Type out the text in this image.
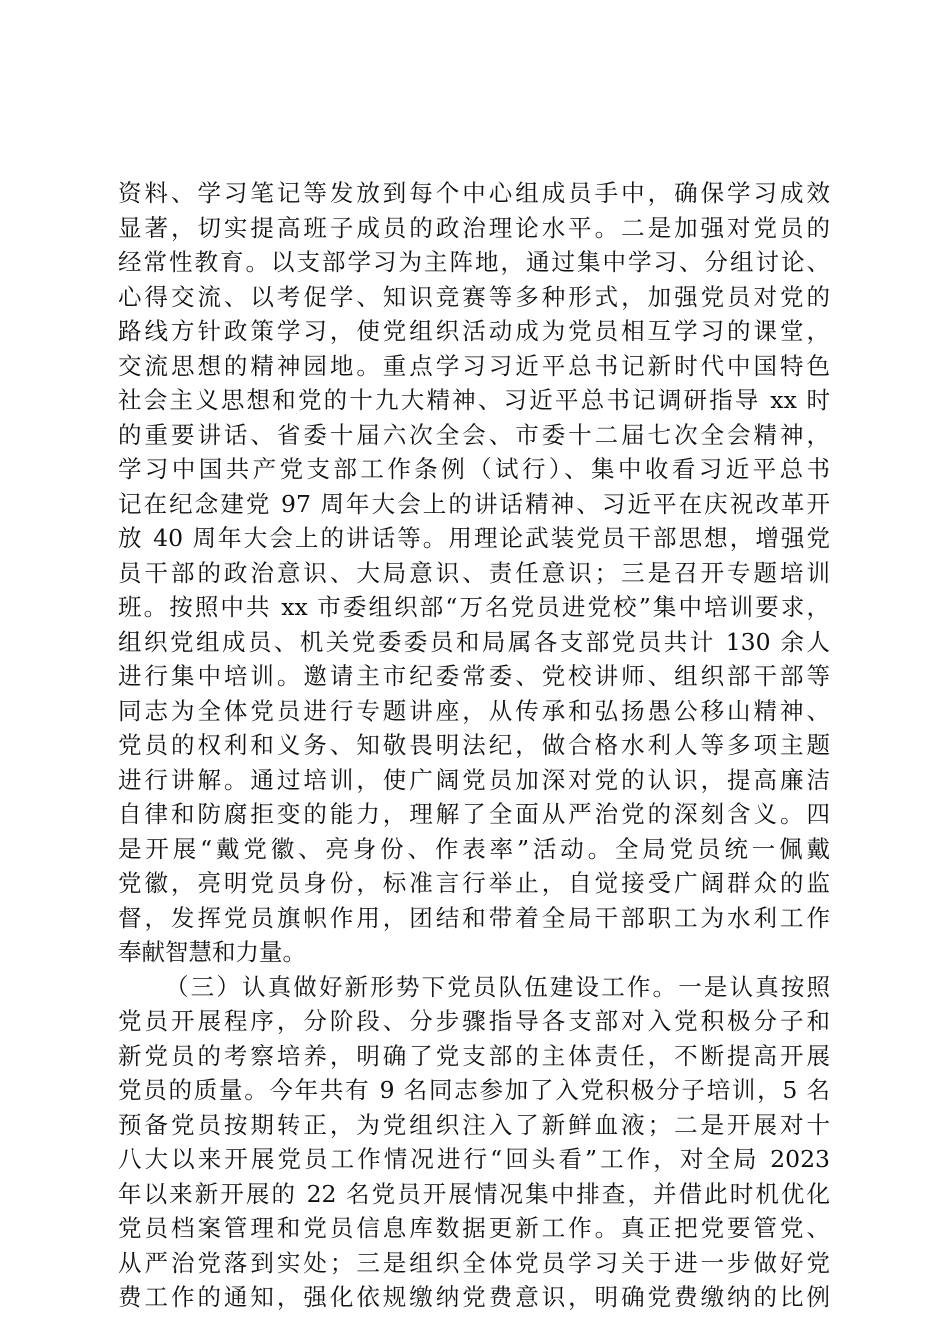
资料、学习笔记等发放到每个中心组成员手中，确保学习成效
显著，切实提高班子成员的政治理论水平。二是加强对党员的
经常性教育。以支部学习为主阵地，通过集中学习、分组讨论、
心得交流、以考促学、知识竞赛等多种形式，加强党员对党的
路线方针政策学习，使党组织活动成为党员相互学习的课堂，
交流思想的精神园地。重点学习习近平总书记新时代中国特色
社会主义思想和党的十九大精神、习近平总书记调研指导 xx 时
的重要讲话、省委十届六次全会、市委十二届七次全会精神，
学习中国共产党支部工作条例（试行）、集中收看习近平总书
记在纪念建党 97 周年大会上的讲话精神、习近平在庆祝改革开
放 40 周年大会上的讲话等。用理论武装党员干部思想，增强党
员干部的政治意识、大局意识、责任意识；三是召开专题培训
班。按照中共 xx 市委组织部“万名党员进党校”集中培训要求，
组织党组成员、机关党委委员和局属各支部党员共计 130 余人
进行集中培训。邀请主市纪委常委、党校讲师、组织部干部等
同志为全体党员进行专题讲座，从传承和弘扬愚公移山精神、
党员的权利和义务、知敬畏明法纪，做合格水利人等多项主题
进行讲解。通过培训，使广阔党员加深对党的认识，提高廉洁
自律和防腐拒变的能力，理解了全面从严治党的深刻含义。四
是开展“戴党徽、亮身份、作表率”活动。全局党员统一佩戴
党徽，亮明党员身份，标准言行举止，自觉接受广阔群众的监
督，发挥党员旗帜作用，团结和带着全局干部职工为水利工作
奉献智慧和力量。
（三）认真做好新形势下党员队伍建设工作。一是认真按照
党员开展程序，分阶段、分步骤指导各支部对入党积极分子和
新党员的考察培养，明确了党支部的主体责任，不断提高开展
党员的质量。今年共有 9 名同志参加了入党积极分子培训，5 名
预备党员按期转正，为党组织注入了新鲜血液；二是开展对十
八大以来开展党员工作情况进行“回头看”工作，对全局 2023
年以来新开展的 22 名党员开展情况集中排查，并借此时机优化
党员档案管理和党员信息库数据更新工作。真正把党要管党、
从严治党落到实处；三是组织全体党员学习关于进一步做好党
费工作的通知，强化依规缴纳党费意识，明确党费缴纳的比例
